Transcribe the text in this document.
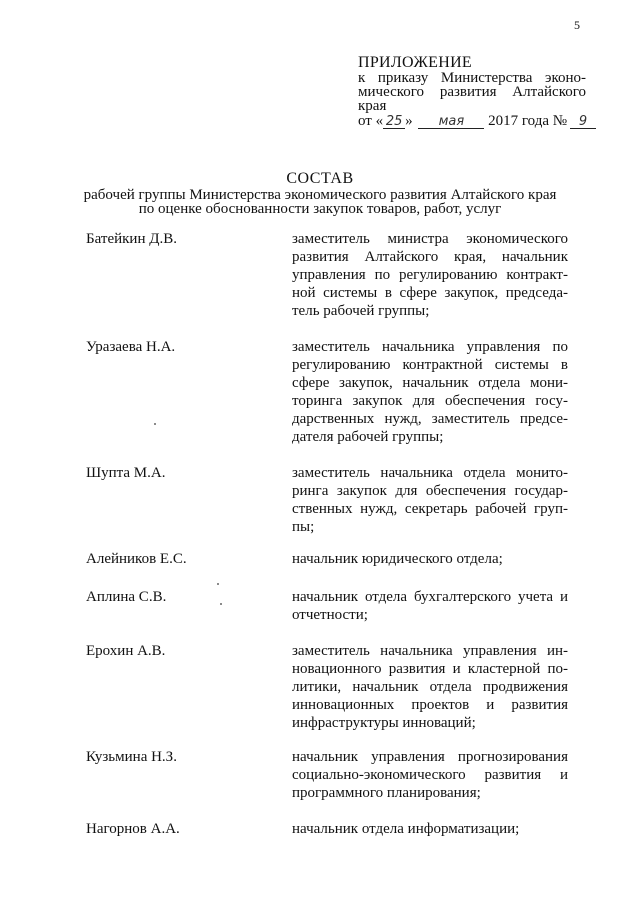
5
ПРИЛОЖЕНИЕ
к приказу Министерства эконо-
мического развития Алтайского
края
от « 25 » мая 2017 года № 9
СОСТАВ
рабочей группы Министерства экономического развития Алтайского края
по оценке обоснованности закупок товаров, работ, услуг
Батейкин Д.В.	заместитель министра экономического
развития Алтайского края, начальник
управления по регулированию контракт-
ной системы в сфере закупок, председа-
тель рабочей группы;
Уразаева Н.А.	заместитель начальника управления по
регулированию контрактной системы в
сфере закупок, начальник отдела мони-
торинга закупок для обеспечения госу-
дарственных нужд, заместитель предсе-
дателя рабочей группы;
Шупта М.А.	заместитель начальника отдела монито-
ринга закупок для обеспечения государ-
ственных нужд, секретарь рабочей груп-
пы;
Алейников Е.С.	начальник юридического отдела;
Аплина С.В.	начальник отдела бухгалтерского учета и
отчетности;
Ерохин А.В.	заместитель начальника управления ин-
новационного развития и кластерной по-
литики, начальник отдела продвижения
инновационных проектов и развития
инфраструктуры инноваций;
Кузьмина Н.З.	начальник управления прогнозирования
социально-экономического развития и
программного планирования;
Нагорнов А.А.	начальник отдела информатизации;
